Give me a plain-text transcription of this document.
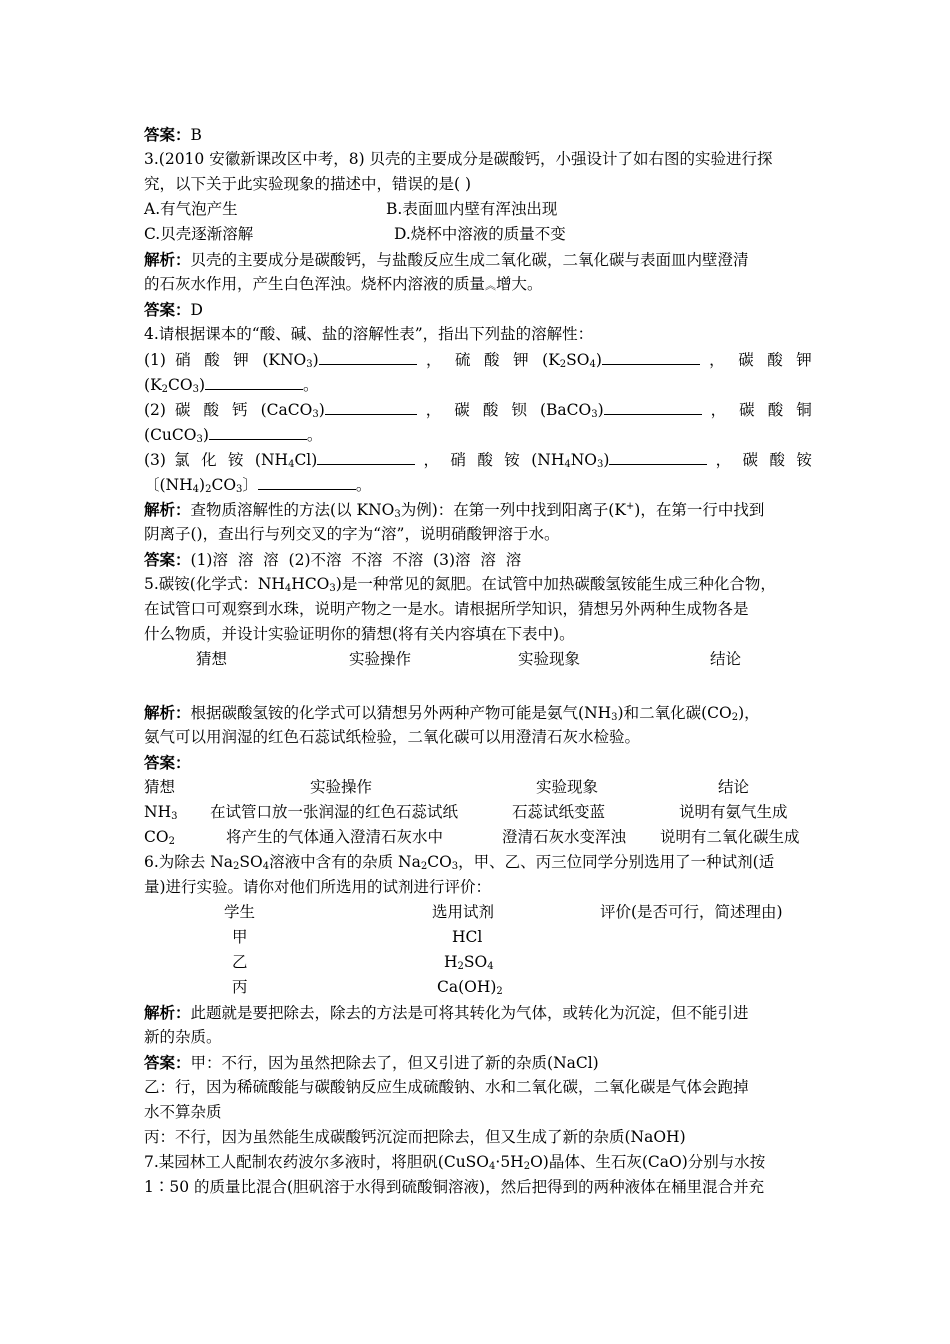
答案：B
3.(2010 安徽新课改区中考，8) 贝壳的主要成分是碳酸钙，小强设计了如右图的实验进行探
究，以下关于此实验现象的描述中，错误的是( )
A.有气泡产生	B.表面皿内壁有浑浊出现
C.贝壳逐渐溶解	D.烧杯中溶液的质量不变
解析：贝壳的主要成分是碳酸钙，与盐酸反应生成二氧化碳，二氧化碳与表面皿内壁澄清
的石灰水作用，产生白色浑浊。烧杯内溶液的质量︽增大。
答案：D
4.请根据课本的“酸、碱、盐的溶解性表”，指出下列盐的溶解性：
(1) 硝 酸 钾 $(KNO_3)$	， 硫 酸 钾 $(K_2SO_4)$	， 碳 酸 钾
$(K_2CO_3)$	。
(2) 碳 酸 钙 (CaCO$_3$)	， 碳 酸 钡 (BaCO$_3$)	， 碳 酸 铜
(CuCO$_3$)	。
(3) 氯 化 铵 $(NH_4Cl)$	， 硝 酸 铵 $(NH_4NO_3)$	， 碳 酸 铵
〔$(NH_4)_2CO_3$〕	。
解析：查物质溶解性的方法(以 $KNO_3$为例)：在第一列中找到阳离子(K+)，在第一行中找到
阴离子()，查出行与列交叉的字为“溶”，说明硝酸钾溶于水。
答案：(1)溶  溶  溶  (2)不溶  不溶  不溶  (3)溶  溶  溶
5.碳铵(化学式：$NH_4HCO_3$)是一种常见的氮肥。在试管中加热碳酸氢铵能生成三种化合物，
在试管口可观察到水珠，说明产物之一是水。请根据所学知识，猜想另外两种生成物各是
什么物质，并设计实验证明你的猜想(将有关内容填在下表中)。
猜想	实验操作	实验现象	结论
解析：根据碳酸氢铵的化学式可以猜想另外两种产物可能是氨气$(NH_3)$和二氧化碳$(CO_2)$，
氨气可以用润湿的红色石蕊试纸检验，二氧化碳可以用澄清石灰水检验。
答案：
猜想	实验操作	实验现象	结论
$NH_3$ 在试管口放一张润湿的红色石蕊试纸	石蕊试纸变蓝	说明有氨气生成
$CO_2$	将产生的气体通入澄清石灰水中	澄清石灰水变浑浊 说明有二氧化碳生成
6.为除去 $Na_2SO_4$溶液中含有的杂质 $Na_2CO_3$，甲、乙、丙三位同学分别选用了一种试剂(适
量)进行实验。请你对他们所选用的试剂进行评价：
学生	选用试剂	评价(是否可行，简述理由)
甲	HCl
乙	$H_2SO_4$
丙	$Ca(OH)_2$
解析：此题就是要把除去，除去的方法是可将其转化为气体，或转化为沉淀，但不能引进
新的杂质。
答案：甲：不行，因为虽然把除去了，但又引进了新的杂质(NaCl)
乙：行，因为稀硫酸能与碳酸钠反应生成硫酸钠、水和二氧化碳，二氧化碳是气体会跑掉
水不算杂质
丙：不行，因为虽然能生成碳酸钙沉淀而把除去，但又生成了新的杂质(NaOH)
7.某园林工人配制农药波尔多液时，将胆矾$(CuSO_4\cdot 5H_2O)$晶体、生石灰(CaO)分别与水按
1∶50 的质量比混合(胆矾溶于水得到硫酸铜溶液)，然后把得到的两种液体在桶里混合并充
